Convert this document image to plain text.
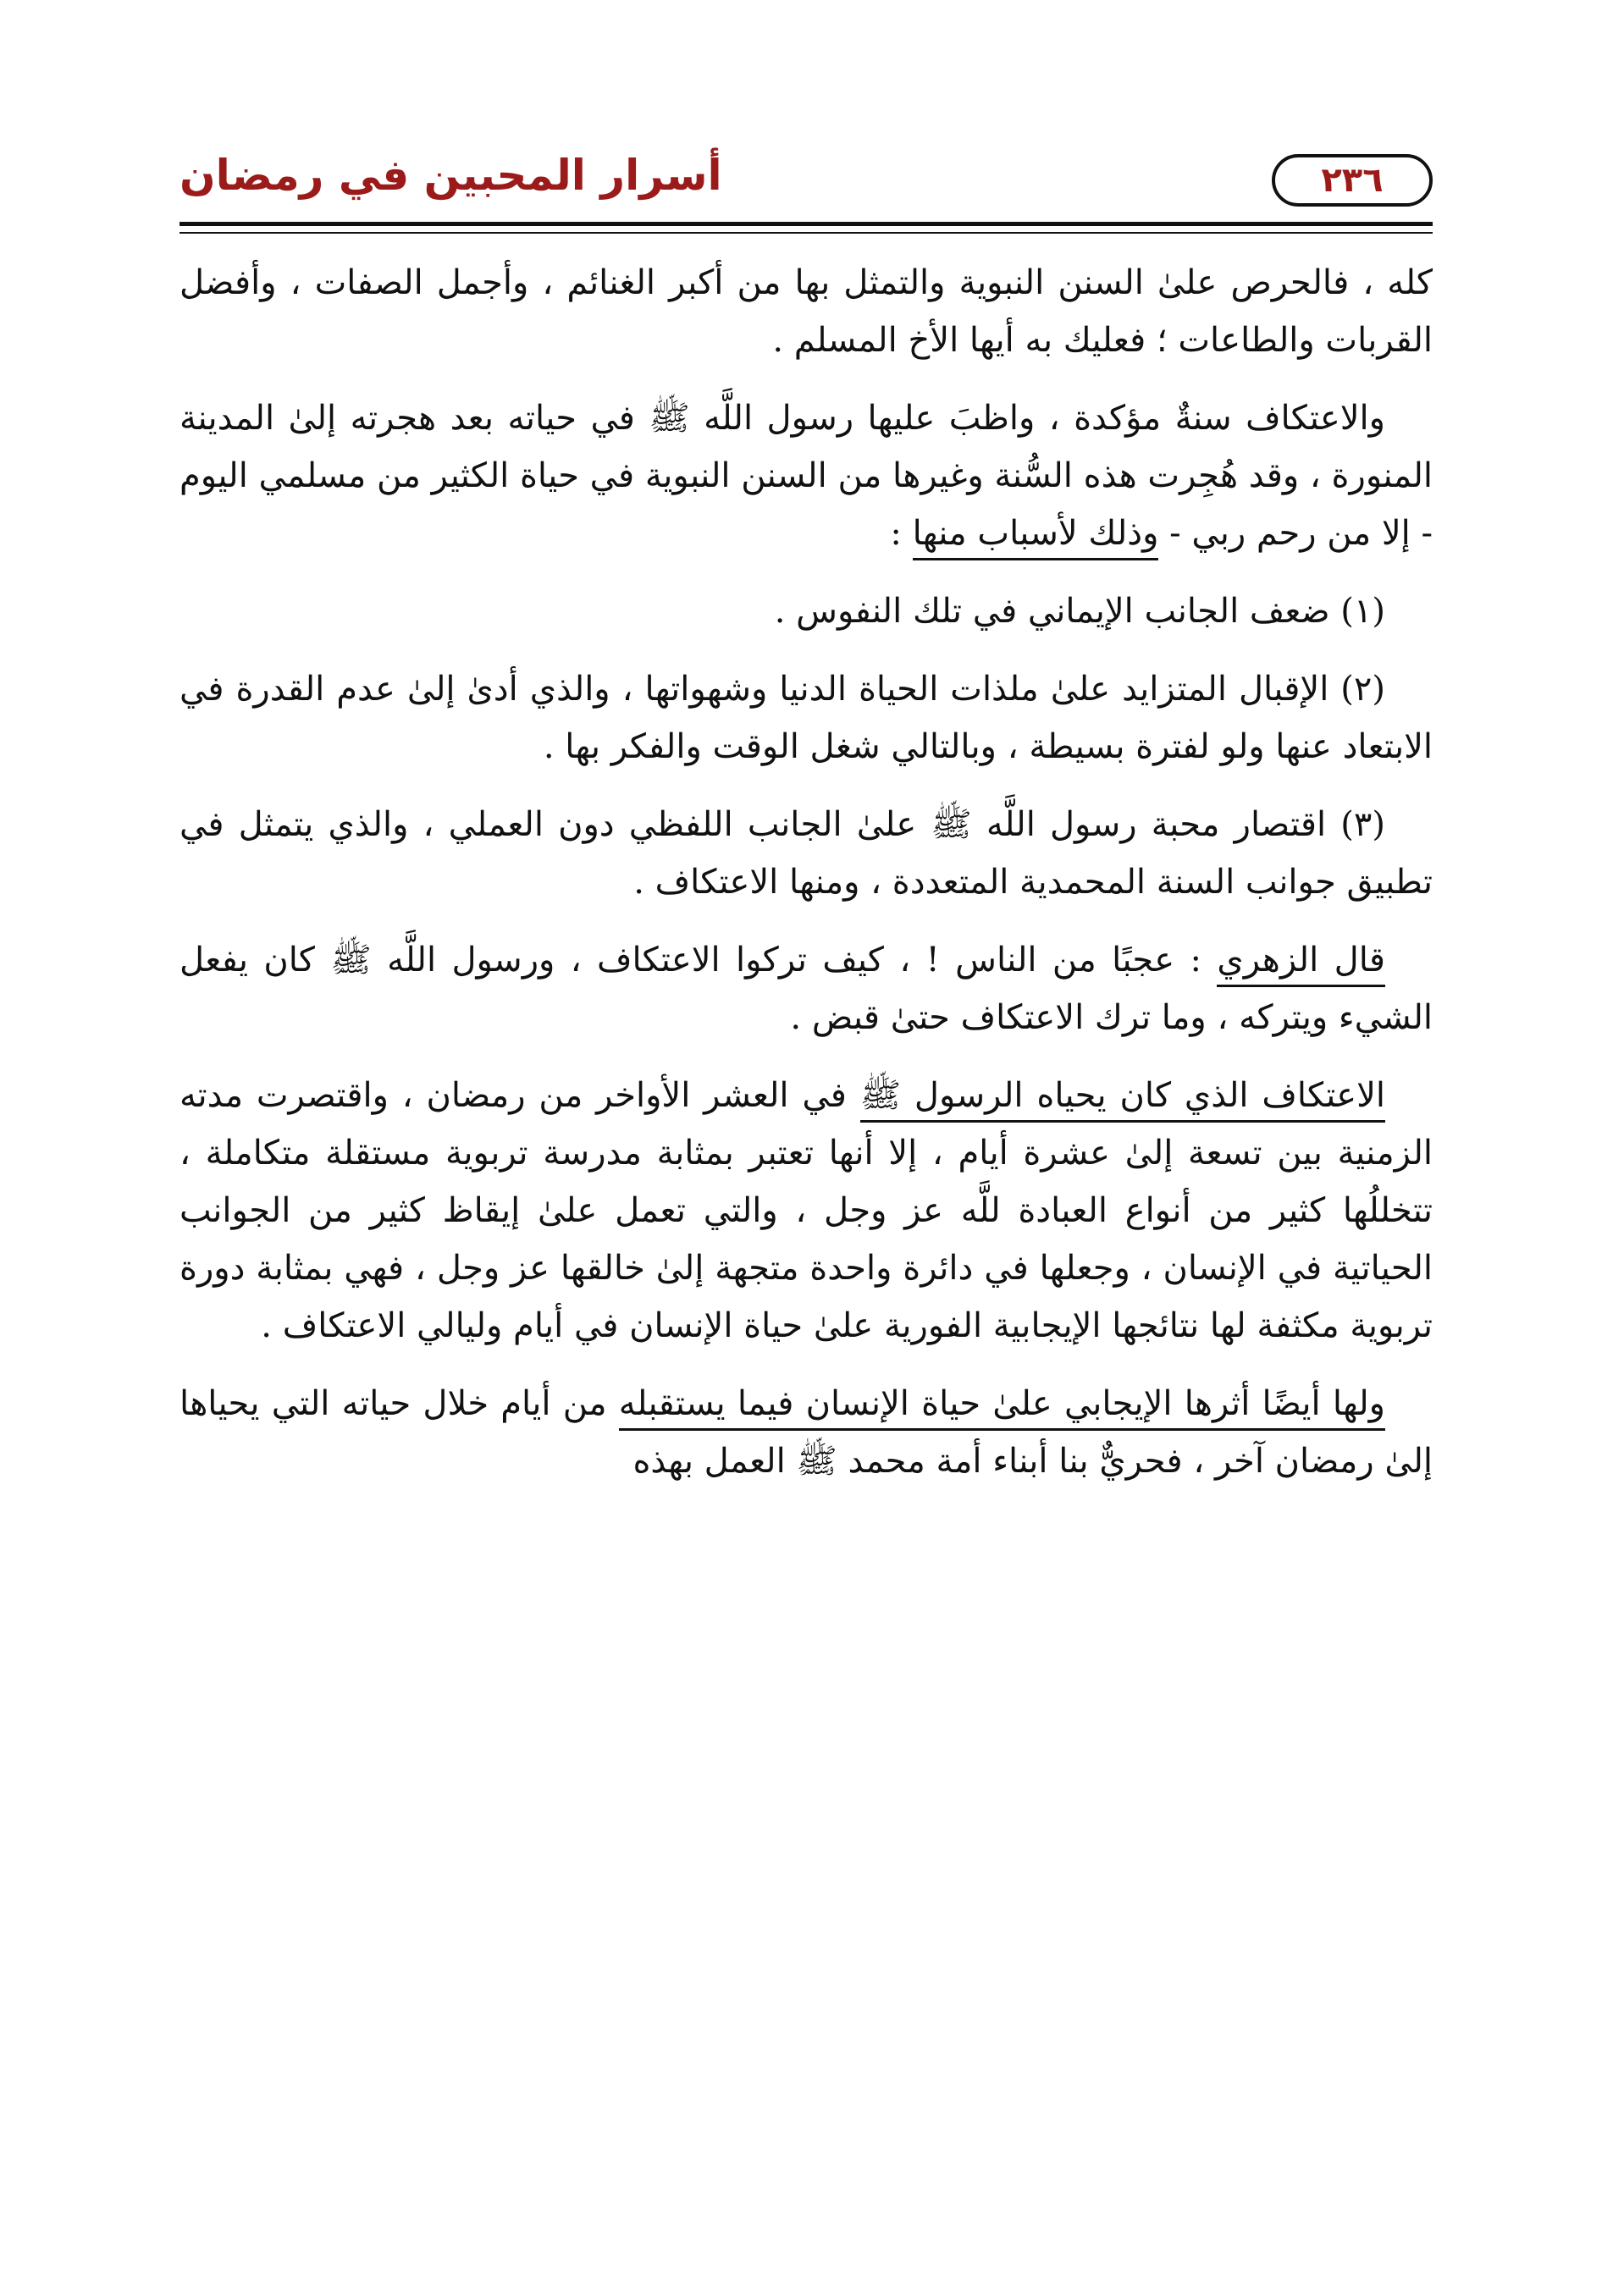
٢٣٦
أسرار المحبين في رمضان

كله ، فالحرص علىٰ السنن النبوية والتمثل بها من أكبر الغنائم ، وأجمل الصفات ، وأفضل القربات والطاعات ؛ فعليك به أيها الأخ المسلم .

والاعتكاف سنةٌ مؤكدة ، واظبَ عليها رسول اللَّه ﷺ في حياته بعد هجرته إلىٰ المدينة المنورة ، وقد هُجِرت هذه السُّنة وغيرها من السنن النبوية في حياة الكثير من مسلمي اليوم - إلا من رحم ربي - وذلك لأسباب منها :

(١) ضعف الجانب الإيماني في تلك النفوس .

(٢) الإقبال المتزايد علىٰ ملذات الحياة الدنيا وشهواتها ، والذي أدىٰ إلىٰ عدم القدرة في الابتعاد عنها ولو لفترة بسيطة ، وبالتالي شغل الوقت والفكر بها .

(٣) اقتصار محبة رسول اللَّه ﷺ علىٰ الجانب اللفظي دون العملي ، والذي يتمثل في تطبيق جوانب السنة المحمدية المتعددة ، ومنها الاعتكاف .

قال الزهري : عجبًا من الناس ! ، كيف تركوا الاعتكاف ، ورسول اللَّه ﷺ كان يفعل الشيء ويتركه ، وما ترك الاعتكاف حتىٰ قبض .

الاعتكاف الذي كان يحياه الرسول ﷺ في العشر الأواخر من رمضان ، واقتصرت مدته الزمنية بين تسعة إلىٰ عشرة أيام ، إلا أنها تعتبر بمثابة مدرسة تربوية مستقلة متكاملة ، تتخللُها كثير من أنواع العبادة للَّه عز وجل ، والتي تعمل علىٰ إيقاظ كثير من الجوانب الحياتية في الإنسان ، وجعلها في دائرة واحدة متجهة إلىٰ خالقها عز وجل ، فهي بمثابة دورة تربوية مكثفة لها نتائجها الإيجابية الفورية علىٰ حياة الإنسان في أيام وليالي الاعتكاف .

ولها أيضًا أثرها الإيجابي علىٰ حياة الإنسان فيما يستقبله من أيام خلال حياته التي يحياها إلىٰ رمضان آخر ، فحريٌّ بنا أبناء أمة محمد ﷺ العمل بهذه
